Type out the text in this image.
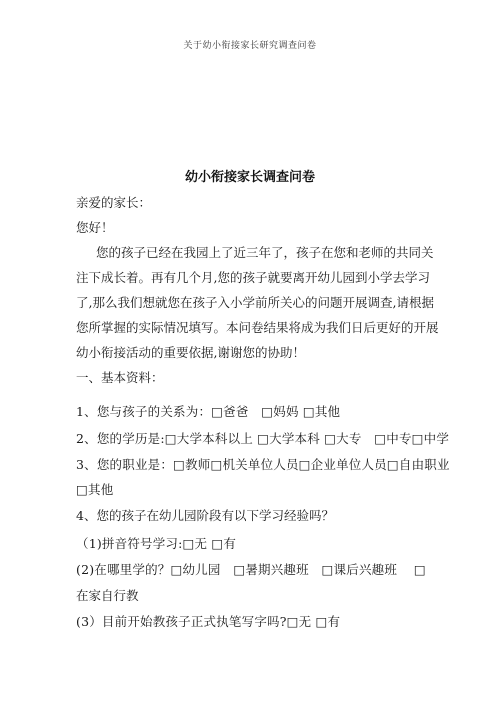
关于幼小衔接家长研究调查问卷
幼小衔接家长调查问卷
亲爱的家长：
您好！
您的孩子已经在我园上了近三年了，孩子在您和老师的共同关
注下成长着。再有几个月,您的孩子就要离开幼儿园到小学去学习
了,那么我们想就您在孩子入小学前所关心的问题开展调查,请根据
您所掌握的实际情况填写。本问卷结果将成为我们日后更好的开展
幼小衔接活动的重要依据,谢谢您的协助！
一、基本资料：
1、您与孩子的关系为：□爸爸　□妈妈 □其他
2、您的学历是:□大学本科以上 □大学本科 □大专　□中专□中学
3、您的职业是：□教师□机关单位人员□企业单位人员□自由职业
□其他
4、您的孩子在幼儿园阶段有以下学习经验吗？
（1)拼音符号学习:□无 □有
(2)在哪里学的？□幼儿园　□暑期兴趣班　□课后兴趣班　 □
在家自行教
(3）目前开始教孩子正式执笔写字吗?□无 □有
